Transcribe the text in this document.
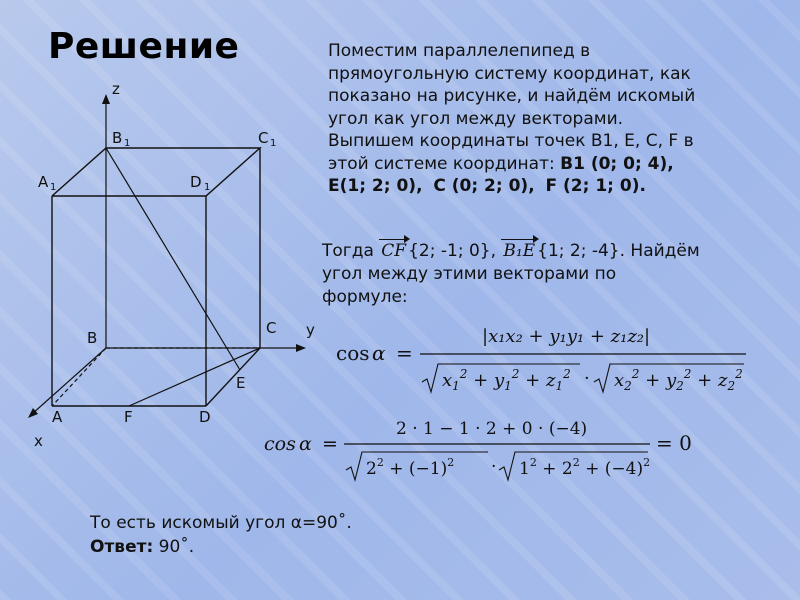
Решение
z
y
x
B 1	C 1
A 1	D 1
B
C
E
A	F	D
Поместим параллелепипед в
прямоугольную систему координат, как
показано на рисунке, и найдём искомый
угол как угол между векторами.
Выпишем координаты точек B1, E, C, F в
этой системе координат: B1 (0; 0; 4),
E(1; 2; 0), C (0; 2; 0), F (2; 1; 0).
Тогда CF {2; -1; 0}, B₁E {1; 2; -4}. Найдём
угол между этими векторами по
формуле:
cos α =
|x₁x₂ + y₁y₁ + z₁z₂|
$x_1^2 + y_1^2 + z_1^2 \cdot x_2^2 + y_2^2 + z_2^2$
cos α =
2 · 1 − 1 · 2 + 0 · (−4)
$2^2 + (-1)^2 \cdot 1^2 + 2^2 + (-4)^2$
= 0
То есть искомый угол α=90˚.
Ответ: 90˚.
